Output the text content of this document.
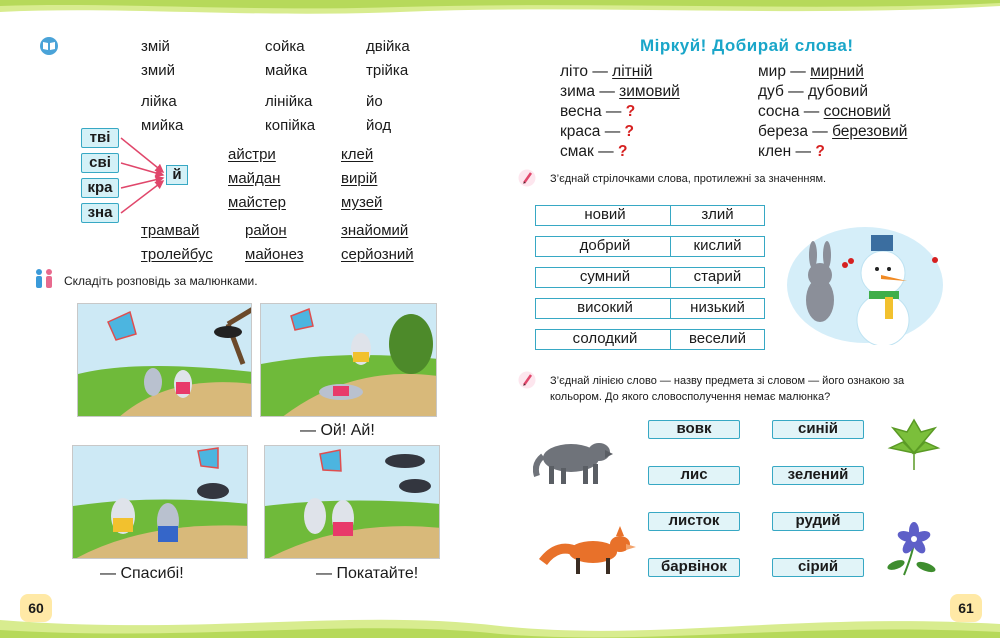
змій
змий
лійка
мийка
сойка
майка
лінійка
копійка
двійка
трійка
йо
йод
тві
сві
кра
зна
й
айстри
майдан
майстер
клей
вирій
музей
трамвай
тролейбус
район
майонез
знайомий
серйозний
Складіть розповідь за малюнками.
— Ой! Ай!
— Спасибі!	— Покатайте!
Міркуй! Добирай слова!
літо — літній
зима — зимовий
весна — ?
краса — ?
смак — ?
мир — мирний
дуб — дубовий
сосна — сосновий
береза — березовий
клен — ?
З’єднай стрілочками слова, протилежні за значенням.
новий
добрий
сумний
високий
солодкий
злий
кислий
старий
низький
веселий
З’єднай лінією слово — назву предмета зі словом — його ознакою за кольором. До якого словосполучення немає малюнка?
вовк
лис
листок
барвінок
синій
зелений
рудий
сірий
60	61
